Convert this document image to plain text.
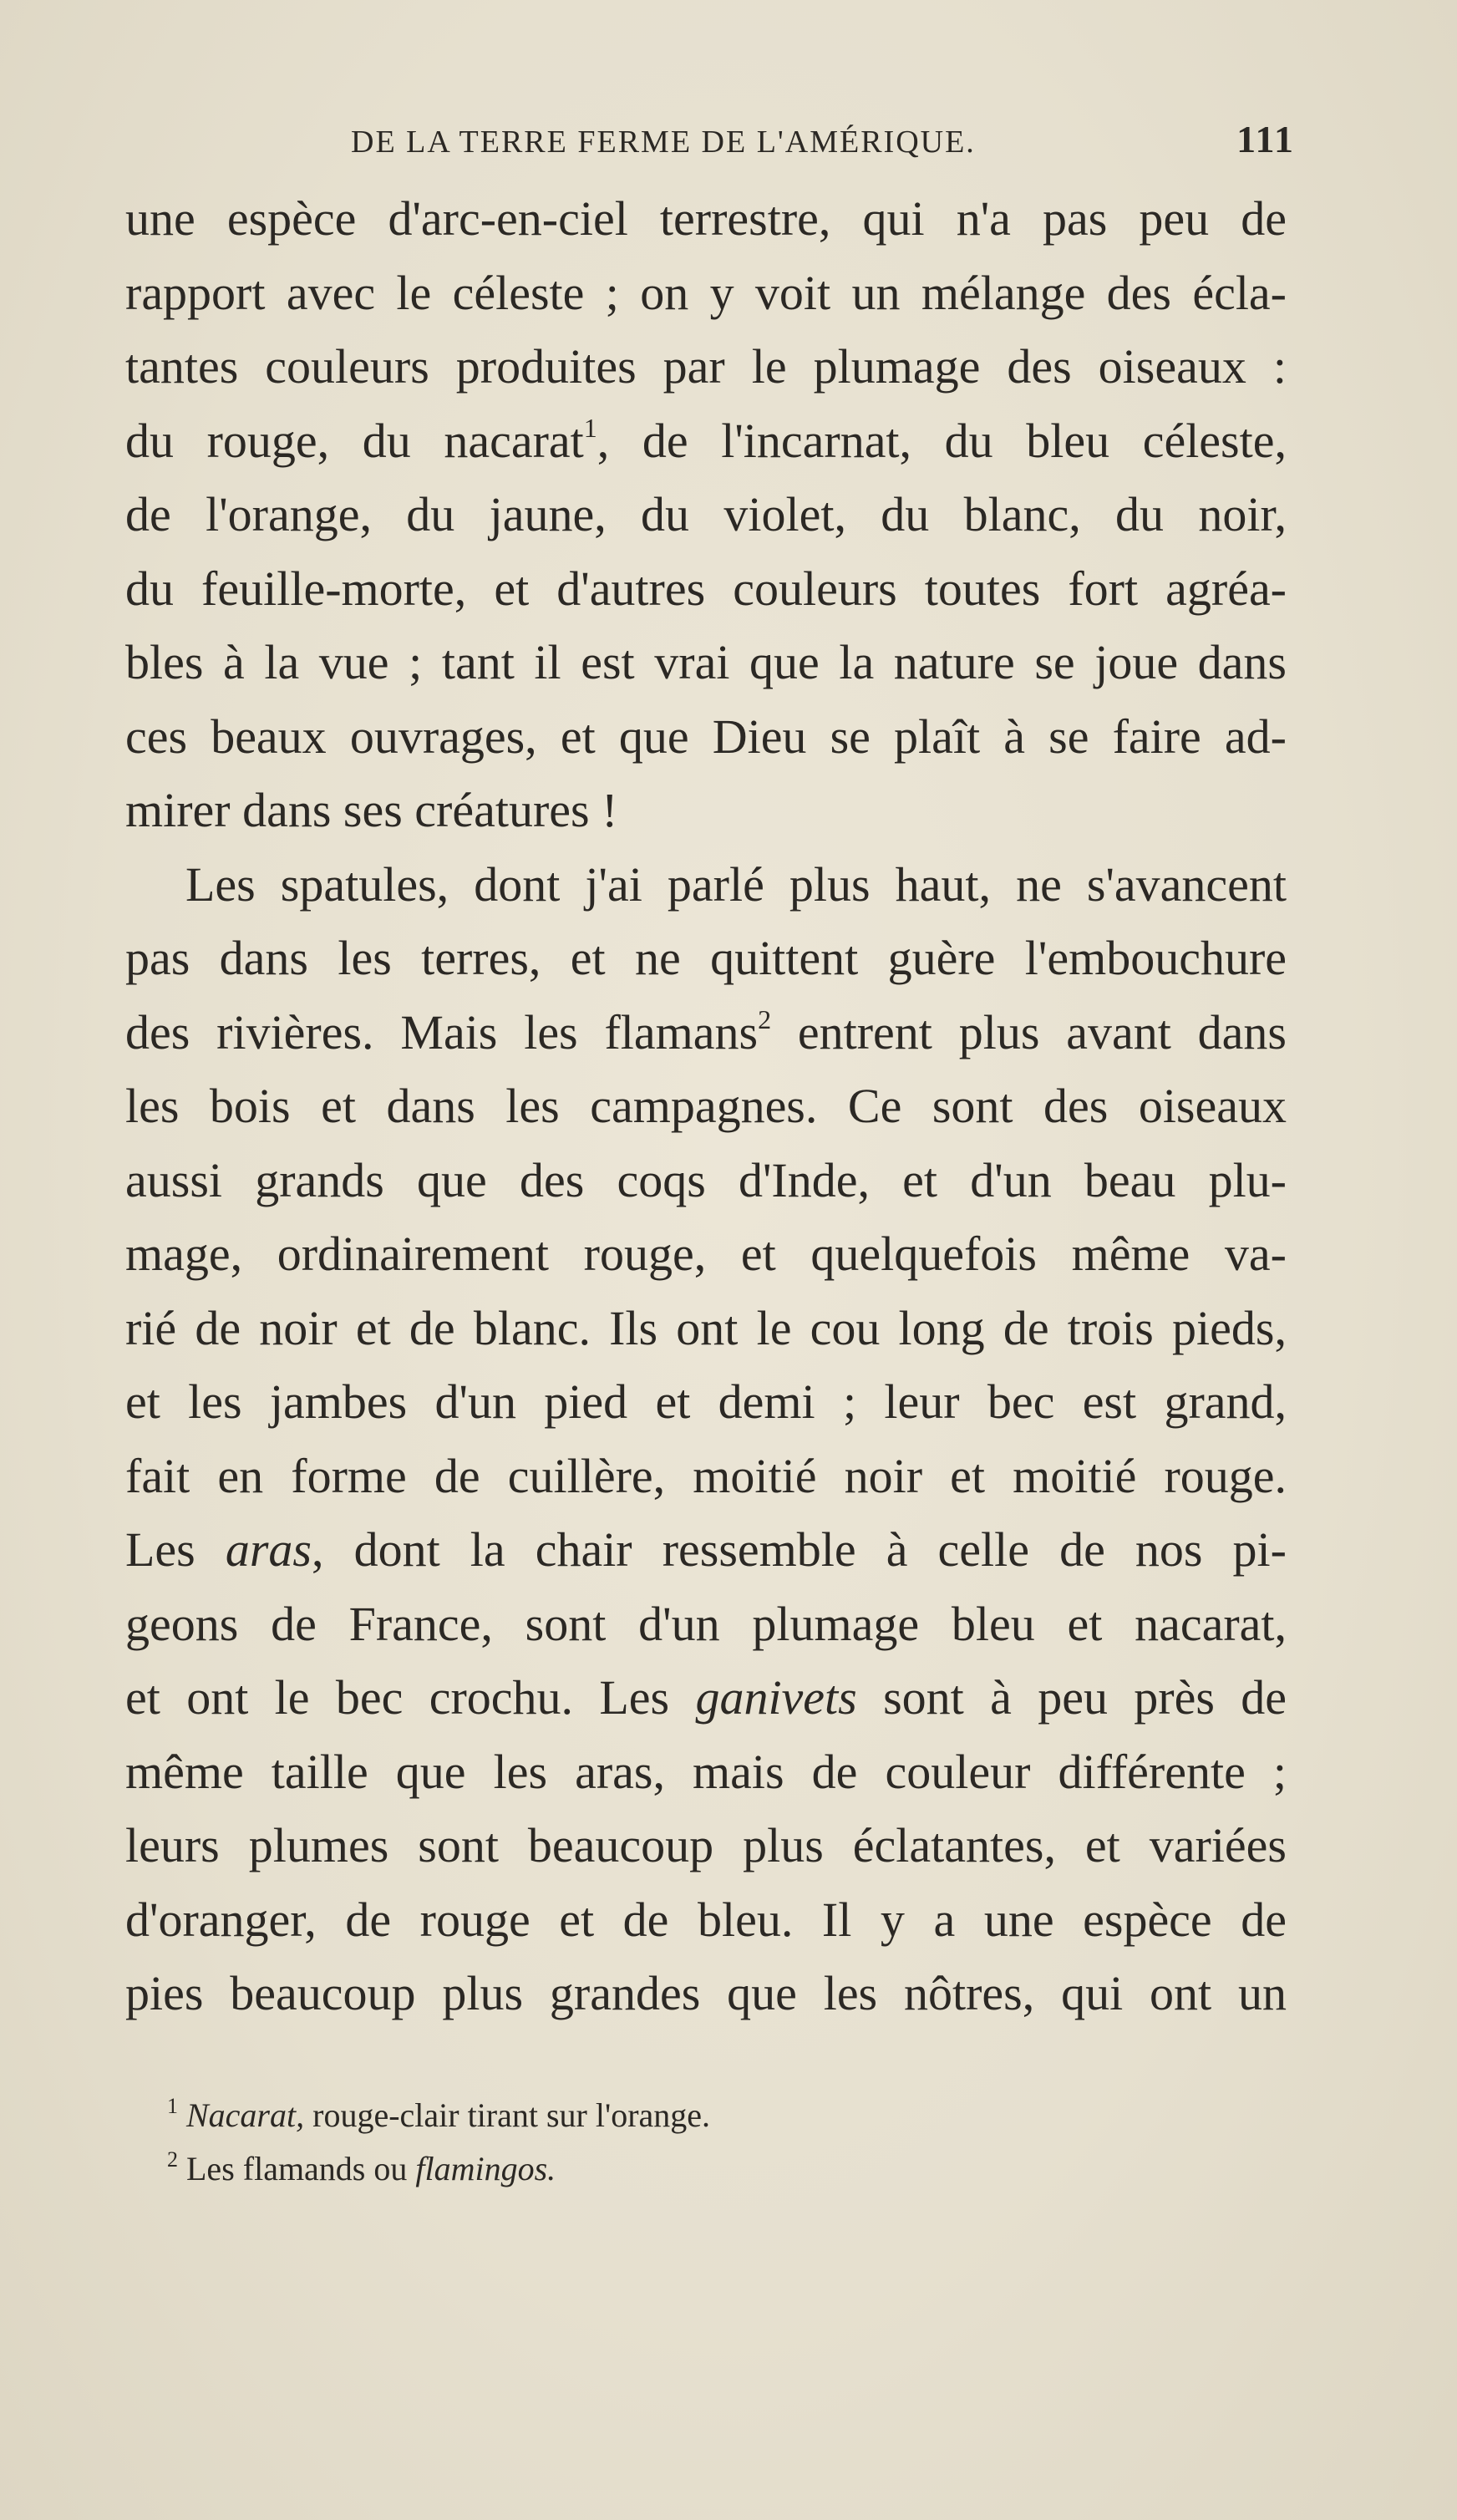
DE LA TERRE FERME DE L'AMÉRIQUE.	111
une espèce d'arc-en-ciel terrestre, qui n'a pas peu de
rapport avec le céleste ; on y voit un mélange des écla-
tantes couleurs produites par le plumage des oiseaux :
du rouge, du nacarat$^1$, de l'incarnat, du bleu céleste,
de l'orange, du jaune, du violet, du blanc, du noir,
du feuille-morte, et d'autres couleurs toutes fort agréa-
bles à la vue ; tant il est vrai que la nature se joue dans
ces beaux ouvrages, et que Dieu se plaît à se faire ad-
mirer dans ses créatures !
Les spatules, dont j'ai parlé plus haut, ne s'avancent
pas dans les terres, et ne quittent guère l'embouchure
des rivières. Mais les flamans$^2$ entrent plus avant dans
les bois et dans les campagnes. Ce sont des oiseaux
aussi grands que des coqs d'Inde, et d'un beau plu-
mage, ordinairement rouge, et quelquefois même va-
rié de noir et de blanc. Ils ont le cou long de trois pieds,
et les jambes d'un pied et demi ; leur bec est grand,
fait en forme de cuillère, moitié noir et moitié rouge.
Les aras, dont la chair ressemble à celle de nos pi-
geons de France, sont d'un plumage bleu et nacarat,
et ont le bec crochu. Les ganivets sont à peu près de
même taille que les aras, mais de couleur différente ;
leurs plumes sont beaucoup plus éclatantes, et variées
d'oranger, de rouge et de bleu. Il y a une espèce de
pies beaucoup plus grandes que les nôtres, qui ont un
$^1$ Nacarat, rouge-clair tirant sur l'orange.
$^2$ Les flamands ou flamingos.
